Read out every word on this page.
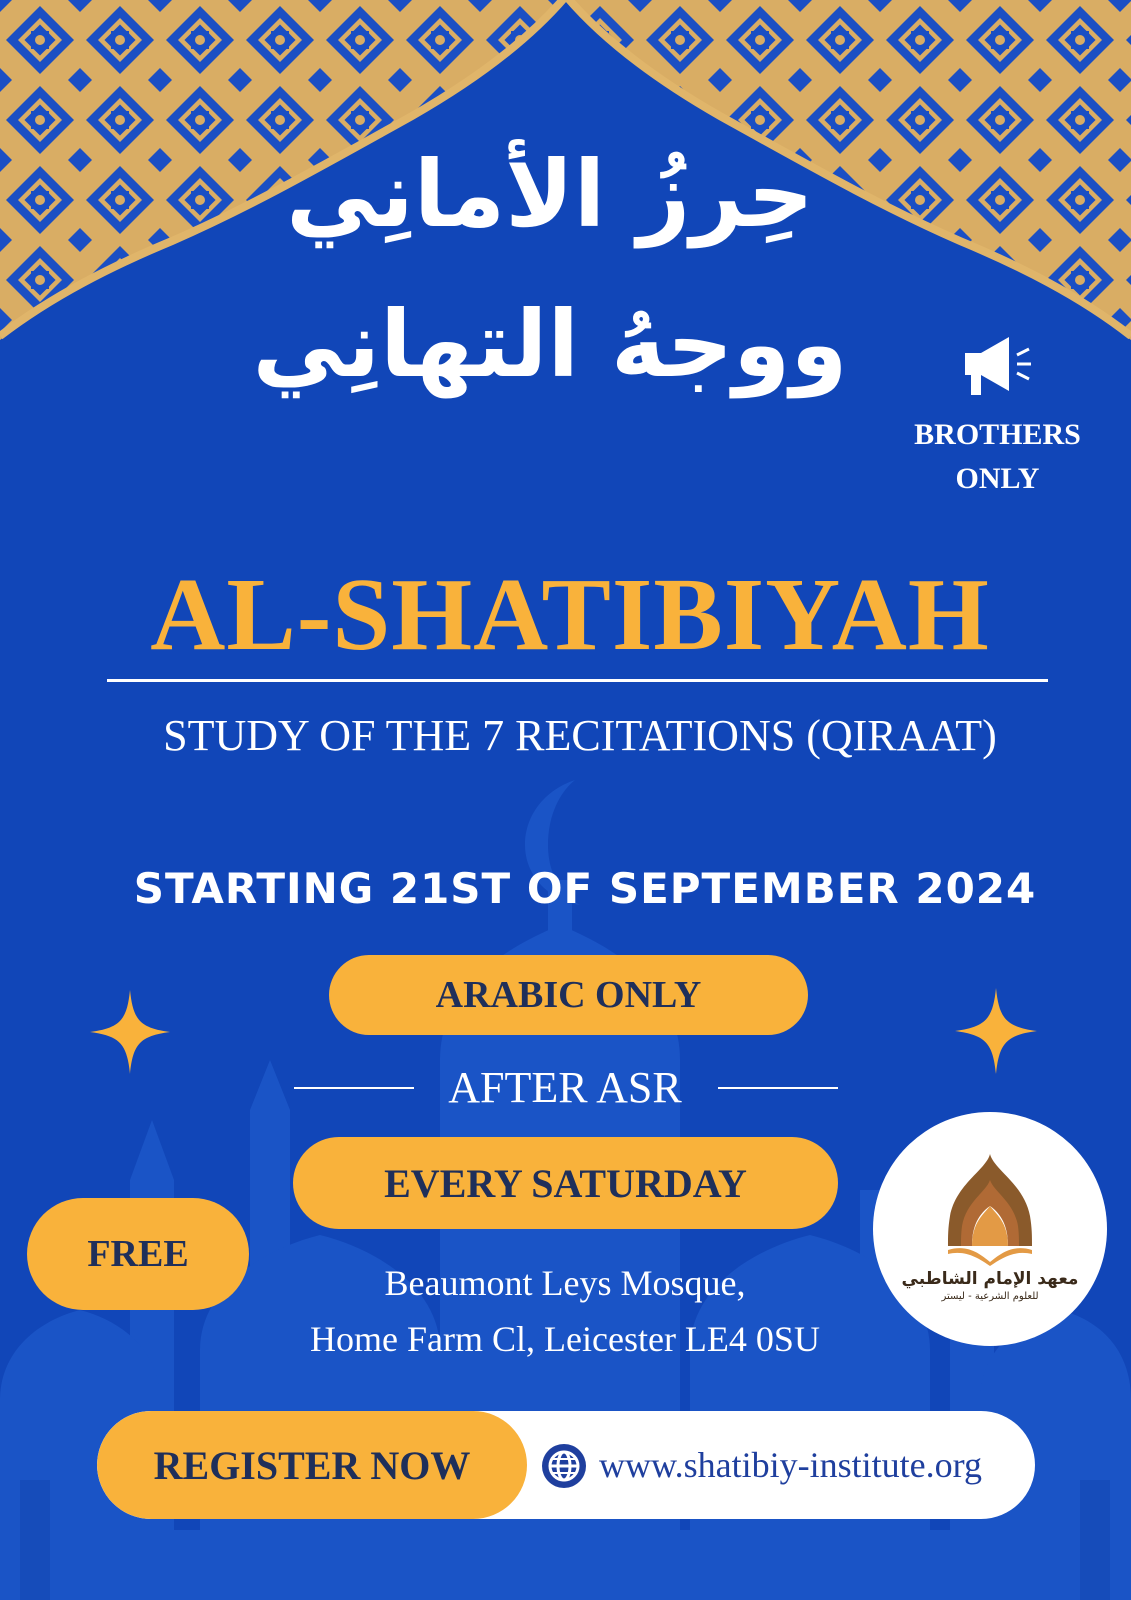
حِرزُ الأمانِي
ووجهُ التهانِي
BROTHERS
ONLY
AL-SHATIBIYAH
STUDY OF THE 7 RECITATIONS (QIRAAT)
STARTING 21ST OF SEPTEMBER 2024
ARABIC ONLY
AFTER ASR
EVERY SATURDAY
FREE
Beaumont Leys Mosque,
Home Farm Cl, Leicester LE4 0SU
معهد الإمام الشاطبي
للعلوم الشرعية - ليستر
REGISTER NOW	www.shatibiy-institute.org
